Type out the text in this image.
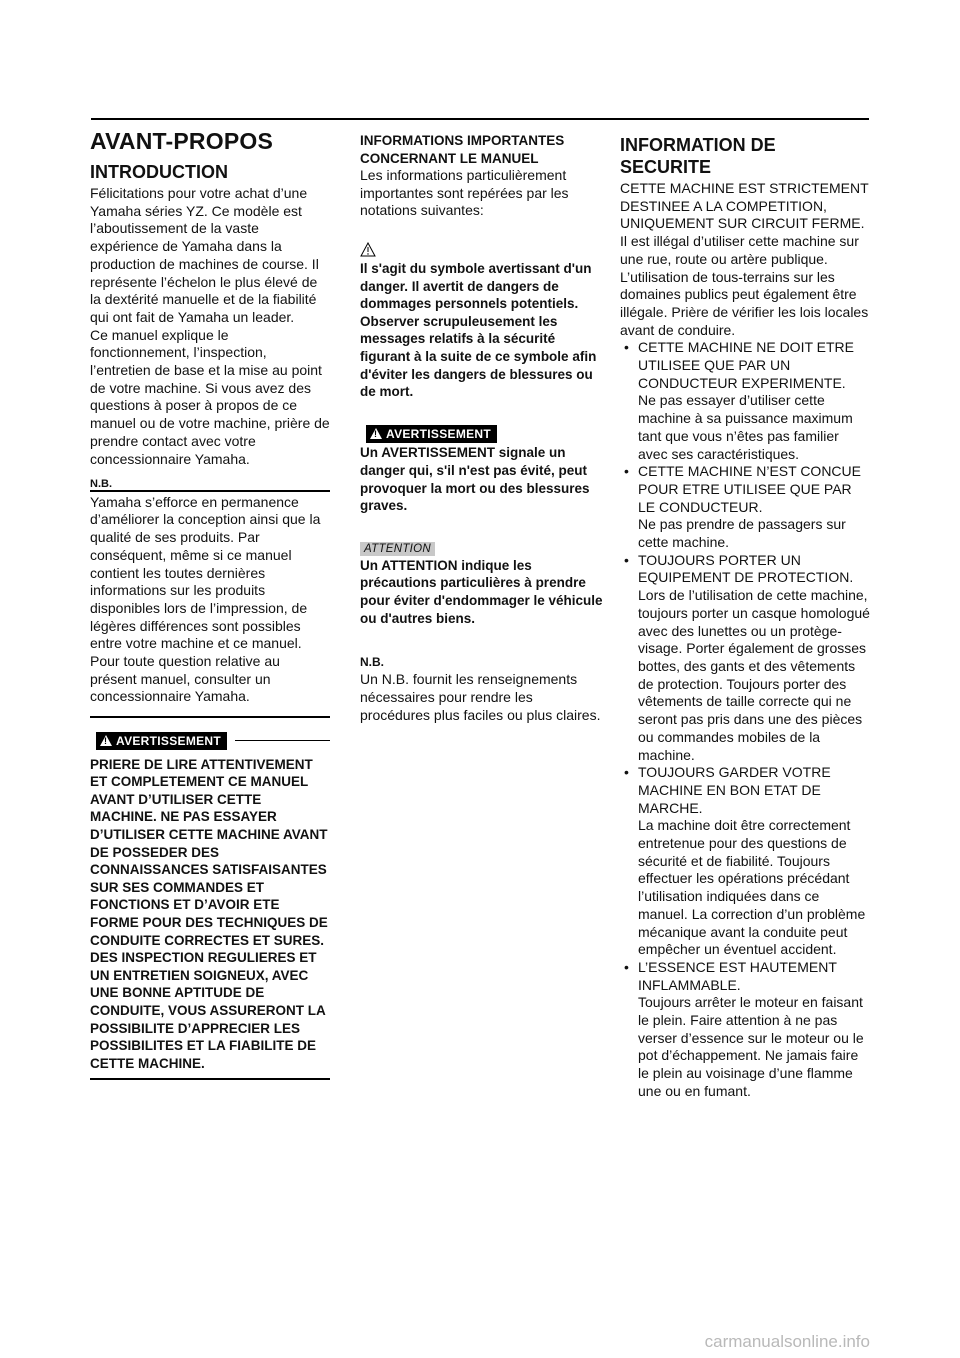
AVANT-PROPOS
INTRODUCTION

Félicitations pour votre achat d’une Yamaha séries YZ. Ce modèle est l’aboutissement de la vaste expérience de Yamaha dans la production de machines de course. Il représente l’échelon le plus élevé de la dextérité manuelle et de la fiabilité qui ont fait de Yamaha un leader.

Ce manuel explique le fonctionnement, l’inspection, l’entretien de base et la mise au point de votre machine. Si vous avez des questions à poser à propos de ce manuel ou de votre machine, prière de prendre contact avec votre concessionnaire Yamaha.

N.B.

Yamaha s’efforce en permanence d’améliorer la conception ainsi que la qualité de ses produits. Par conséquent, même si ce manuel contient les toutes dernières informations sur les produits disponibles lors de l’impression, de légères différences sont possibles entre votre machine et ce manuel. Pour toute question relative au présent manuel, consulter un concessionnaire Yamaha.

!
AVERTISSEMENT

PRIERE DE LIRE ATTENTIVEMENT ET COMPLETEMENT CE MANUEL AVANT D’UTILISER CETTE MACHINE. NE PAS ESSAYER D’UTILISER CETTE MACHINE AVANT DE POSSEDER DES CONNAISSANCES SATISFAISANTES SUR SES COMMANDES ET FONCTIONS ET D’AVOIR ETE FORME POUR DES TECHNIQUES DE CONDUITE CORRECTES ET SURES. DES INSPECTION REGULIERES ET UN ENTRETIEN SOIGNEUX, AVEC UNE BONNE APTITUDE DE CONDUITE, VOUS ASSURERONT LA POSSIBILITE D’APPRECIER LES POSSIBILITES ET LA FIABILITE DE CETTE MACHINE.

INFORMATIONS IMPORTANTES CONCERNANT LE MANUEL

Les informations particulièrement importantes sont repérées par les notations suivantes:

Il s'agit du symbole avertissant d'un danger. Il avertit de dangers de dommages personnels potentiels. Observer scrupuleusement les messages relatifs à la sécurité figurant à la suite de ce symbole afin d'éviter les dangers de blessures ou de mort.

!
AVERTISSEMENT

Un AVERTISSEMENT signale un danger qui, s'il n'est pas évité, peut provoquer la mort ou des blessures graves.

ATTENTION

Un ATTENTION indique les précautions particulières à prendre pour éviter d'endommager le véhicule ou d'autres biens.

N.B.

Un N.B. fournit les renseignements nécessaires pour rendre les procédures plus faciles ou plus claires.

INFORMATION DE SECURITE

CETTE MACHINE EST STRICTEMENT DESTINEE A LA COMPETITION, UNIQUEMENT SUR CIRCUIT FERME. Il est illégal d’utiliser cette machine sur une rue, route ou artère publique. L’utilisation de tous-terrains sur les domaines publics peut également être illégale. Prière de vérifier les lois locales avant de conduire.

• CETTE MACHINE NE DOIT ETRE UTILISEE QUE PAR UN CONDUCTEUR EXPERIMENTE.
Ne pas essayer d’utiliser cette machine à sa puissance maximum tant que vous n’êtes pas familier avec ses caractéristiques.
• CETTE MACHINE N’EST CONCUE POUR ETRE UTILISEE QUE PAR LE CONDUCTEUR.
Ne pas prendre de passagers sur cette machine.
• TOUJOURS PORTER UN EQUIPEMENT DE PROTECTION.
Lors de l’utilisation de cette machine, toujours porter un casque homologué avec des lunettes ou un protège-visage. Porter également de grosses bottes, des gants et des vêtements de protection. Toujours porter des vêtements de taille correcte qui ne seront pas pris dans une des pièces ou commandes mobiles de la machine.
• TOUJOURS GARDER VOTRE MACHINE EN BON ETAT DE MARCHE.
La machine doit être correctement entretenue pour des questions de sécurité et de fiabilité. Toujours effectuer les opérations précédant l’utilisation indiquées dans ce manuel. La correction d’un problème mécanique avant la conduite peut empêcher un éventuel accident.
• L’ESSENCE EST HAUTEMENT INFLAMMABLE.
Toujours arrêter le moteur en faisant le plein. Faire attention à ne pas verser d’essence sur le moteur ou le pot d’échappement. Ne jamais faire le plein au voisinage d’une flamme une ou en fumant.
carmanualsonline.info
